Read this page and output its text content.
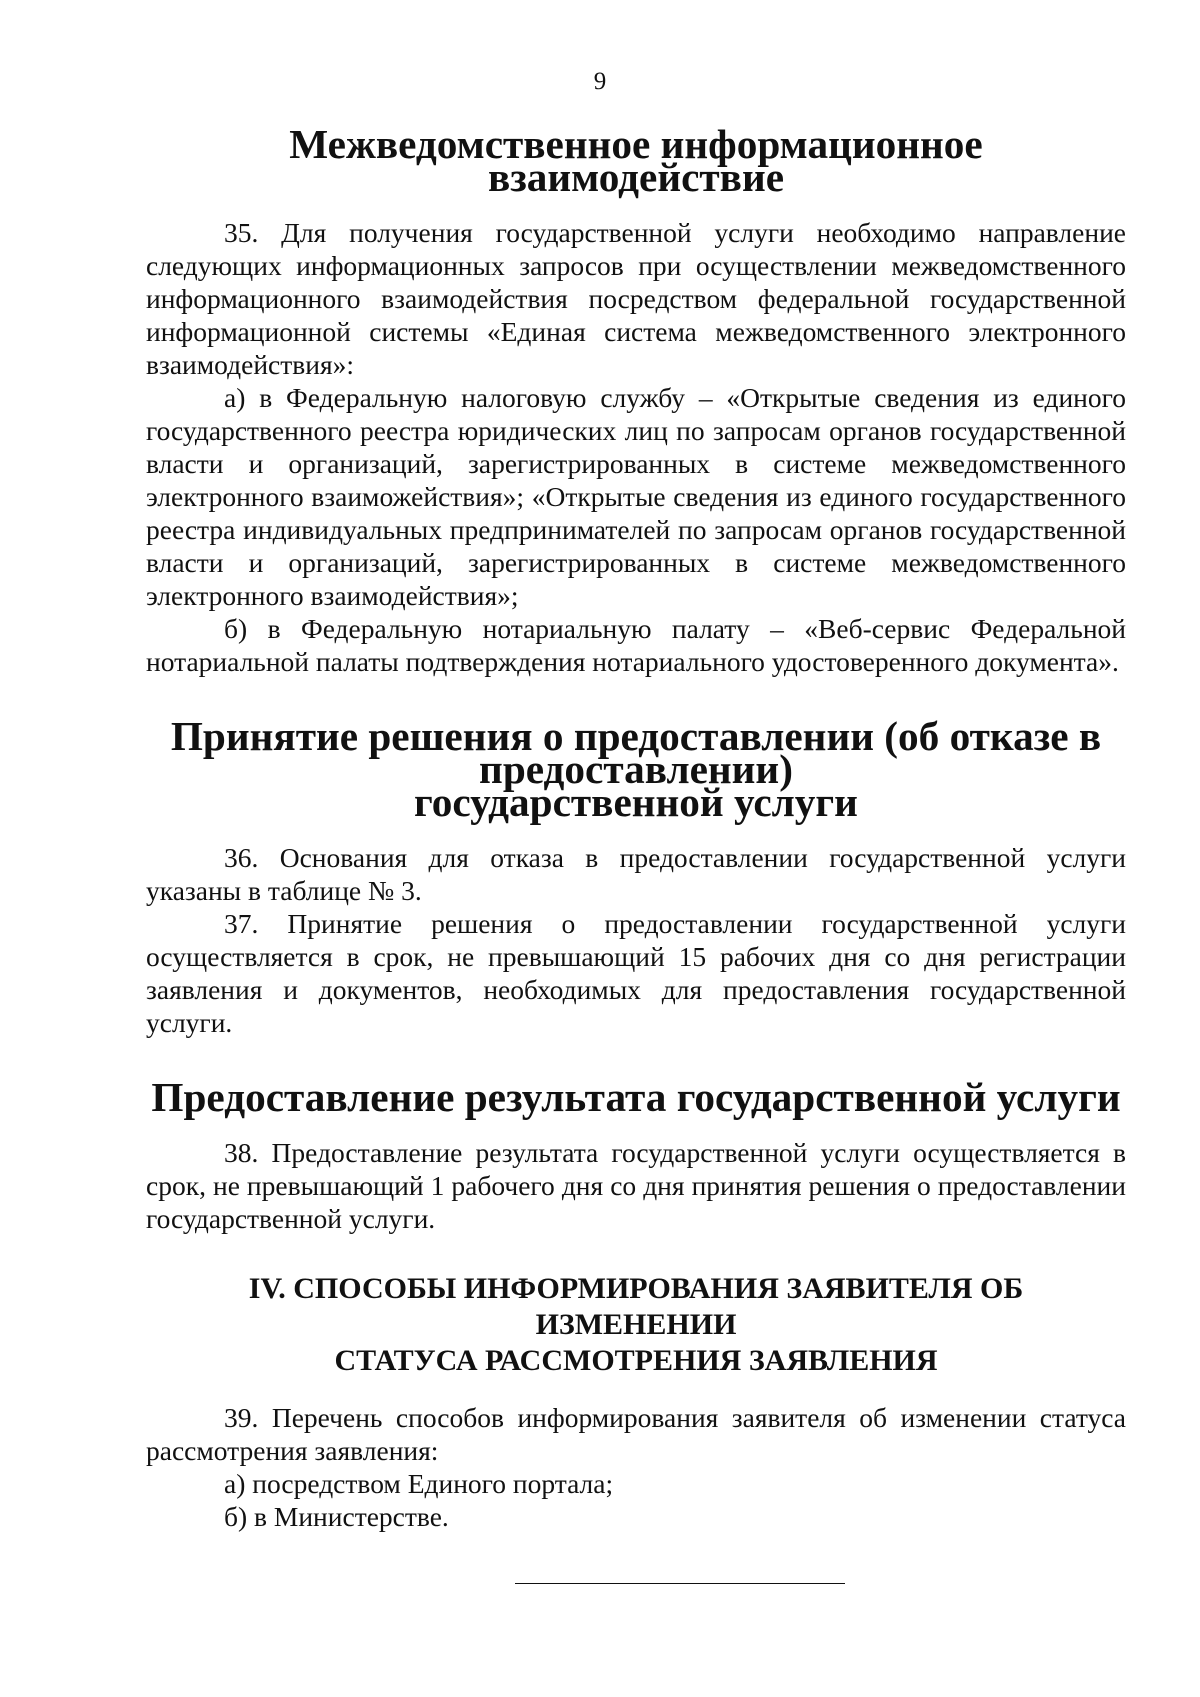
9
Межведомственное информационное взаимодействие

35. Для получения государственной услуги необходимо направление следующих информационных запросов при осуществлении межведомственного информационного взаимодействия посредством федеральной государственной информационной системы «Единая система межведомственного электронного взаимодействия»:

а) в Федеральную налоговую службу – «Открытые сведения из единого государственного реестра юридических лиц по запросам органов государственной власти и организаций, зарегистрированных в системе межведомственного электронного взаиможействия»; «Открытые сведения из единого государственного реестра индивидуальных предпринимателей по запросам органов государственной власти и организаций, зарегистрированных в системе межведомственного электронного взаимодействия»;

б) в Федеральную нотариальную палату – «Веб-сервис Федеральной нотариальной палаты подтверждения нотариального удостоверенного документа».

Принятие решения о предоставлении (об отказе в предоставлении)
государственной услуги

36. Основания для отказа в предоставлении государственной услуги указаны в таблице № 3.

37. Принятие решения о предоставлении государственной услуги осуществляется в срок, не превышающий 15 рабочих дня со дня регистрации заявления и документов, необходимых для предоставления государственной услуги.

Предоставление результата государственной услуги

38. Предоставление результата государственной услуги осуществляется в срок, не превышающий 1 рабочего дня со дня принятия решения о предоставлении государственной услуги.

IV. СПОСОБЫ ИНФОРМИРОВАНИЯ ЗАЯВИТЕЛЯ ОБ ИЗМЕНЕНИИ
СТАТУСА РАССМОТРЕНИЯ ЗАЯВЛЕНИЯ

39. Перечень способов информирования заявителя об изменении статуса рассмотрения заявления:

а) посредством Единого портала;

б) в Министерстве.
